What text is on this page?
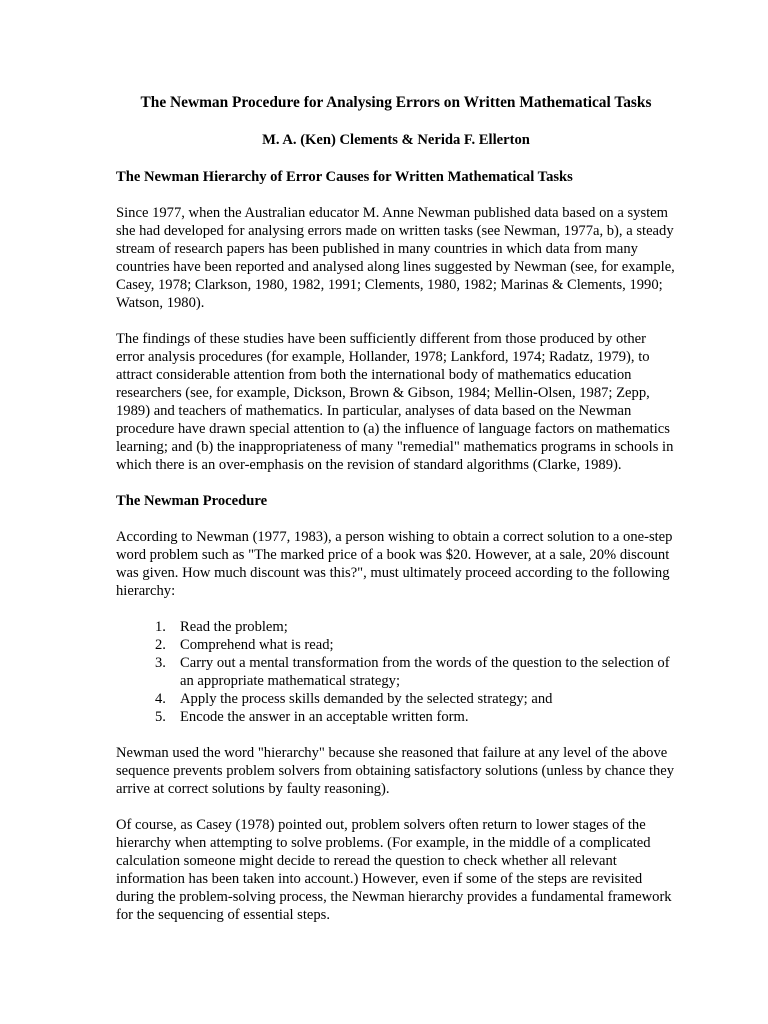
The Newman Procedure for Analysing Errors on Written Mathematical Tasks
M. A. (Ken) Clements & Nerida F. Ellerton
The Newman Hierarchy of Error Causes for Written Mathematical Tasks
Since 1977, when the Australian educator M. Anne Newman published data based on a system she had developed for analysing errors made on written tasks (see Newman, 1977a, b), a steady stream of research papers has been published in many countries in which data from many countries have been reported and analysed along lines suggested by Newman (see, for example, Casey, 1978; Clarkson, 1980, 1982, 1991; Clements, 1980, 1982; Marinas & Clements, 1990; Watson, 1980).
The findings of these studies have been sufficiently different from those produced by other error analysis procedures (for example, Hollander, 1978; Lankford, 1974; Radatz, 1979), to attract considerable attention from both the international body of mathematics education researchers (see, for example, Dickson, Brown & Gibson, 1984; Mellin-Olsen, 1987; Zepp, 1989) and teachers of mathematics. In particular, analyses of data based on the Newman procedure have drawn special attention to (a) the influence of language factors on mathematics learning; and (b) the inappropriateness of many "remedial" mathematics programs in schools in which there is an over-emphasis on the revision of standard algorithms (Clarke, 1989).
The Newman Procedure
According to Newman (1977, 1983), a person wishing to obtain a correct solution to a one-step word problem such as "The marked price of a book was $20. However, at a sale, 20% discount was given. How much discount was this?", must ultimately proceed according to the following hierarchy:
1. Read the problem;
2. Comprehend what is read;
3. Carry out a mental transformation from the words of the question to the selection of an appropriate mathematical strategy;
4. Apply the process skills demanded by the selected strategy; and
5. Encode the answer in an acceptable written form.
Newman used the word "hierarchy" because she reasoned that failure at any level of the above sequence prevents problem solvers from obtaining satisfactory solutions (unless by chance they arrive at correct solutions by faulty reasoning).
Of course, as Casey (1978) pointed out, problem solvers often return to lower stages of the hierarchy when attempting to solve problems. (For example, in the middle of a complicated calculation someone might decide to reread the question to check whether all relevant information has been taken into account.) However, even if some of the steps are revisited during the problem-solving process, the Newman hierarchy provides a fundamental framework for the sequencing of essential steps.
